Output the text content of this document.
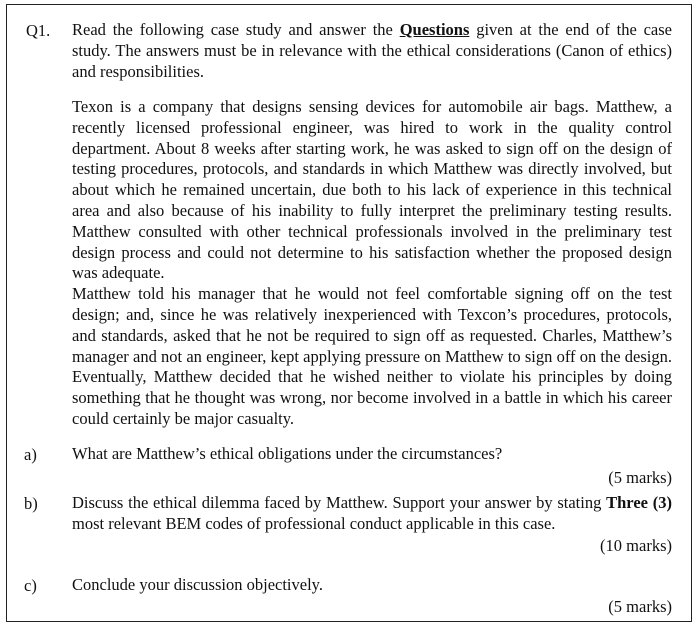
Q1. Read the following case study and answer the Questions given at the end of the case study. The answers must be in relevance with the ethical considerations (Canon of ethics) and responsibilities.

Texon is a company that designs sensing devices for automobile air bags. Matthew, a recently licensed professional engineer, was hired to work in the quality control department. About 8 weeks after starting work, he was asked to sign off on the design of testing procedures, protocols, and standards in which Matthew was directly involved, but about which he remained uncertain, due both to his lack of experience in this technical area and also because of his inability to fully interpret the preliminary testing results. Matthew consulted with other technical professionals involved in the preliminary test design process and could not determine to his satisfaction whether the proposed design was adequate.

Matthew told his manager that he would not feel comfortable signing off on the test design; and, since he was relatively inexperienced with Texcon’s procedures, protocols, and standards, asked that he not be required to sign off as requested. Charles, Matthew’s manager and not an engineer, kept applying pressure on Matthew to sign off on the design. Eventually, Matthew decided that he wished neither to violate his principles by doing something that he thought was wrong, nor become involved in a battle in which his career could certainly be major casualty.

a) What are Matthew’s ethical obligations under the circumstances?
(5 marks)
b) Discuss the ethical dilemma faced by Matthew. Support your answer by stating Three (3) most relevant BEM codes of professional conduct applicable in this case.

(10 marks)
c) Conclude your discussion objectively.
(5 marks)
